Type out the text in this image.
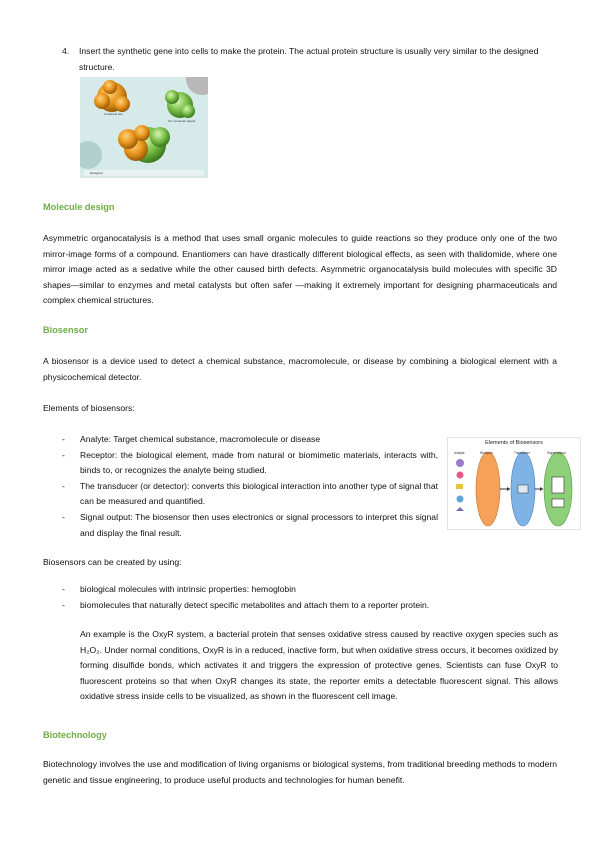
4. Insert the synthetic gene into cells to make the protein. The actual protein structure is usually very similar to the designed structure.
Unnatural site
Our computer ligand
Designed
Molecule design
Asymmetric organocatalysis is a method that uses small organic molecules to guide reactions so they produce only one of the two mirror-image forms of a compound. Enantiomers can have drastically different biological effects, as seen with thalidomide, where one mirror image acted as a sedative while the other caused birth defects. Asymmetric organocatalysis build molecules with specific 3D shapes—similar to enzymes and metal catalysts but often safer —making it extremely important for designing pharmaceuticals and complex chemical structures.
Biosensor
A biosensor is a device used to detect a chemical substance, macromolecule, or disease by combining a biological element with a physicochemical detector.
Elements of biosensors:
- Analyte: Target chemical substance, macromolecule or disease
- Receptor: the biological element, made from natural or biomimetic materials, interacts with, binds to, or recognizes the analyte being studied.
- The transducer (or detector): converts this biological interaction into another type of signal that can be measured and quantified.
- Signal output: The biosensor then uses electronics or signal processors to interpret this signal and display the final result.
Elements of Biosensors
Analyte	Receptor	Transducer	Signal output
Biosensors can be created by using:
- biological molecules with intrinsic properties: hemoglobin
- biomolecules that naturally detect specific metabolites and attach them to a reporter protein.
An example is the OxyR system, a bacterial protein that senses oxidative stress caused by reactive oxygen species such as H₂O₂. Under normal conditions, OxyR is in a reduced, inactive form, but when oxidative stress occurs, it becomes oxidized by forming disulfide bonds, which activates it and triggers the expression of protective genes. Scientists can fuse OxyR to fluorescent proteins so that when OxyR changes its state, the reporter emits a detectable fluorescent signal. This allows oxidative stress inside cells to be visualized, as shown in the fluorescent cell image.
Biotechnology
Biotechnology involves the use and modification of living organisms or biological systems, from traditional breeding methods to modern genetic and tissue engineering, to produce useful products and technologies for human benefit.
